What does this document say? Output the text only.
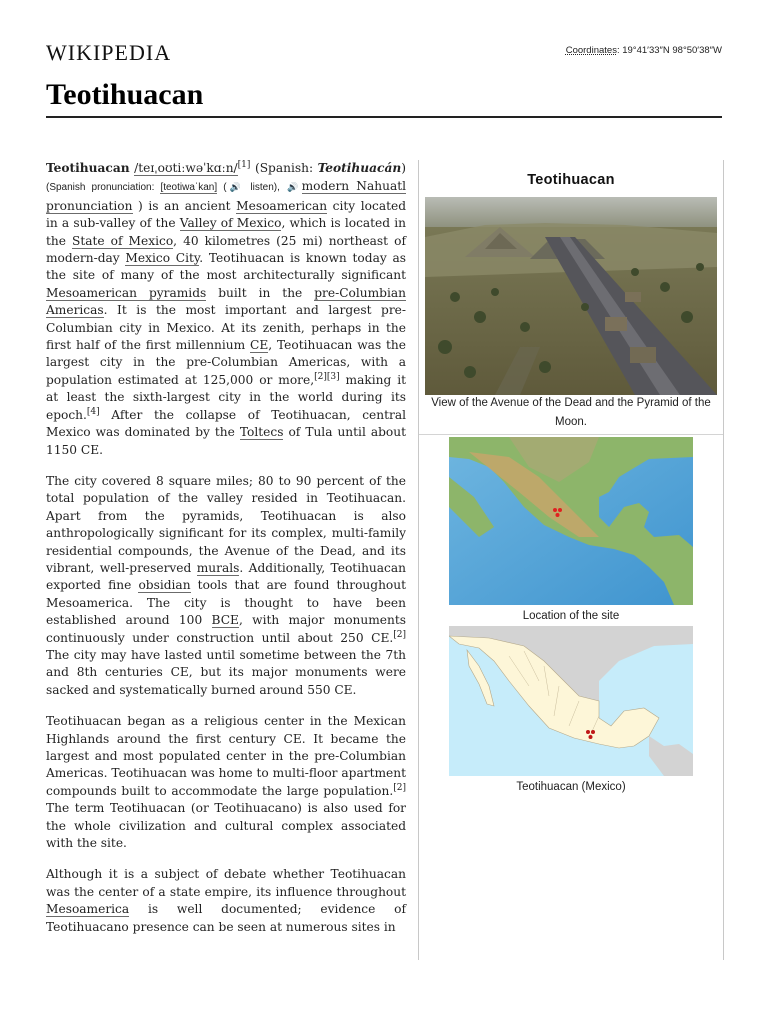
WIKIPEDIA	Coordinates: 19°41′33″N 98°50′38″W
Teotihuacan

Teotihuacan /teɪˌoʊtiːwəˈkɑːn/[1] (Spanish: Teotihuacán) (Spanish pronunciation: [teotiwaˈkan] (🔊 listen), 🔊modern Nahuatl pronunciation ) is an ancient Mesoamerican city located in a sub-valley of the Valley of Mexico, which is located in the State of Mexico, 40 kilometres (25 mi) northeast of modern-day Mexico City. Teotihuacan is known today as the site of many of the most architecturally significant Mesoamerican pyramids built in the pre-Columbian Americas. It is the most important and largest pre-Columbian city in Mexico. At its zenith, perhaps in the first half of the first millennium CE, Teotihuacan was the largest city in the pre-Columbian Americas, with a population estimated at 125,000 or more,[2][3] making it at least the sixth-largest city in the world during its epoch.[4] After the collapse of Teotihuacan, central Mexico was dominated by the Toltecs of Tula until about 1150 CE.

The city covered 8 square miles; 80 to 90 percent of the total population of the valley resided in Teotihuacan. Apart from the pyramids, Teotihuacan is also anthropologically significant for its complex, multi-family residential compounds, the Avenue of the Dead, and its vibrant, well-preserved murals. Additionally, Teotihuacan exported fine obsidian tools that are found throughout Mesoamerica. The city is thought to have been established around 100 BCE, with major monuments continuously under construction until about 250 CE.[2] The city may have lasted until sometime between the 7th and 8th centuries CE, but its major monuments were sacked and systematically burned around 550 CE.

Teotihuacan began as a religious center in the Mexican Highlands around the first century CE. It became the largest and most populated center in the pre-Columbian Americas. Teotihuacan was home to multi-floor apartment compounds built to accommodate the large population.[2] The term Teotihuacan (or Teotihuacano) is also used for the whole civilization and cultural complex associated with the site.

Although it is a subject of debate whether Teotihuacan was the center of a state empire, its influence throughout Mesoamerica is well documented; evidence of Teotihuacano presence can be seen at numerous sites in

Teotihuacan
View of the Avenue of the Dead and the Pyramid of the Moon.
Location of the site
Teotihuacan (Mexico)
